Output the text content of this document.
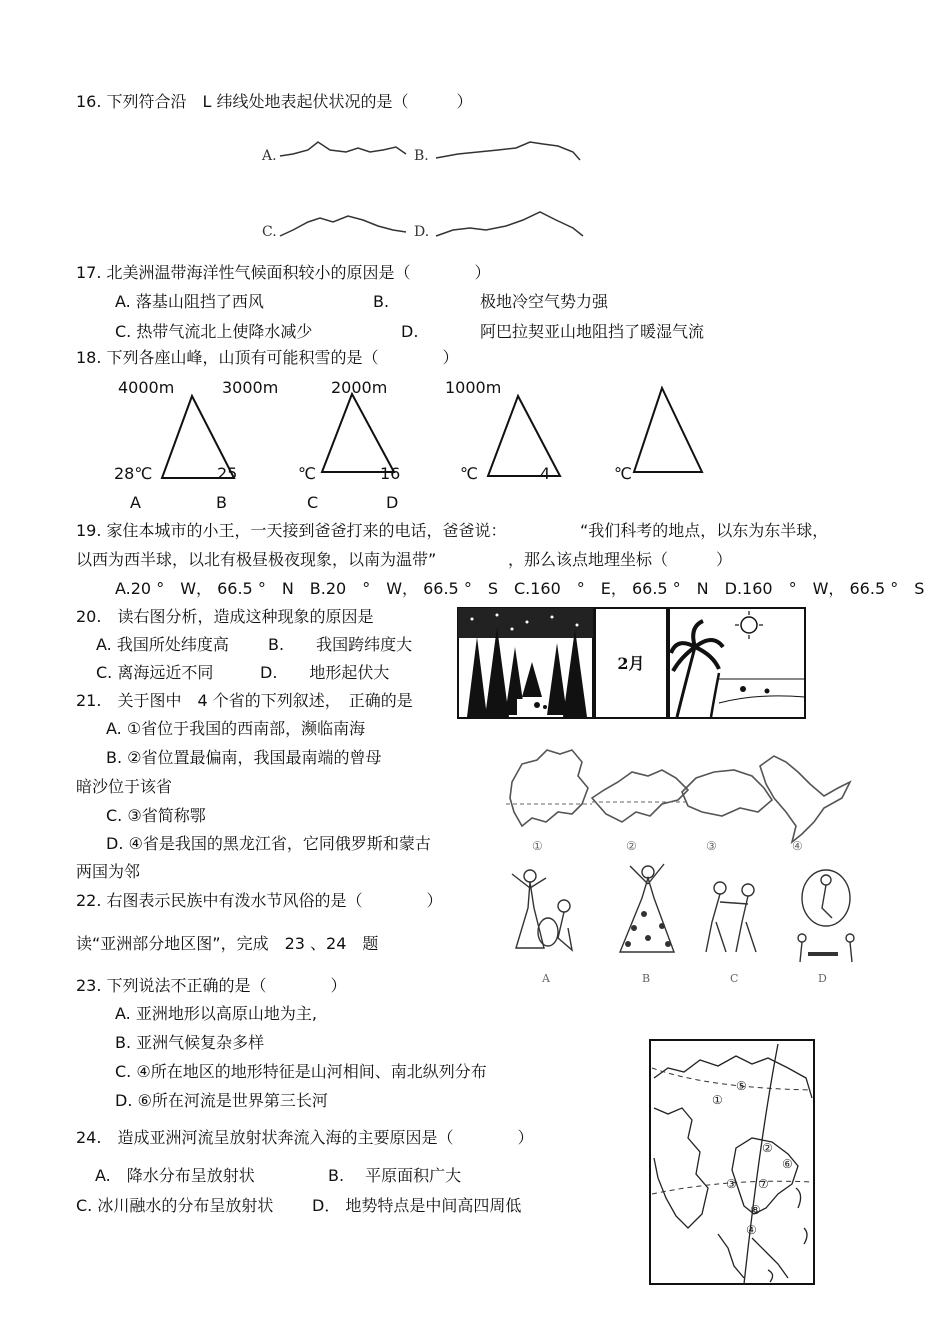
16. 下列符合沿　L 纬线处地表起伏状况的是（　　　）
A.	B.
C.	D.
17. 北美洲温带海洋性气候面积较小的原因是（　　　　）
A. 落基山阻挡了西风	B.	极地冷空气势力强
C. 热带气流北上使降水减少	D.	阿巴拉契亚山地阻挡了暖湿气流
18. 下列各座山峰，山顶有可能积雪的是（　　　　）
4000m	3000m	2000m	1000m
28℃	25	℃	16	℃	4	℃
A	B	C	D
19. 家住本城市的小王，一天接到爸爸打来的电话，爸爸说：	“我们科考的地点，以东为东半球，
以西为西半球，以北有极昼极夜现象，以南为温带”	，那么该点地理坐标（　　　）
A.20 °　W， 66.5 °　N　B.20　°　W， 66.5 °　S　C.160　°　E， 66.5 °　N　D.160　°　W， 66.5 °　S
20.　读右图分析，造成这种现象的原因是
A. 我国所处纬度高 B.　　我国跨纬度大
C. 离海远近不同	D.　　地形起伏大	2月
21.　关于图中　4 个省的下列叙述，　正确的是
A. ①省位于我国的西南部，濒临南海
B. ②省位置最偏南，我国最南端的曾母
暗沙位于该省
C. ③省简称鄂
D. ④省是我国的黑龙江省，它同俄罗斯和蒙古
两国为邻
①	②	③	④
22. 右图表示民族中有泼水节风俗的是（　　　　）
A	B	C	D
读“亚洲部分地区图”，完成　23 、24　题
23. 下列说法不正确的是（　　　　）
A. 亚洲地形以高原山地为主,
B. 亚洲气候复杂多样
C. ④所在地区的地形特征是山河相间、南北纵列分布
D. ⑥所在河流是世界第三长河
24.　造成亚洲河流呈放射状奔流入海的主要原因是（　　　　）
A.　降水分布呈放射状	B.　 平原面积广大
C. 冰川融水的分布呈放射状 D． 地势特点是中间高四周低
①
⑤
②
⑥
③ ⑦
⑧
④
